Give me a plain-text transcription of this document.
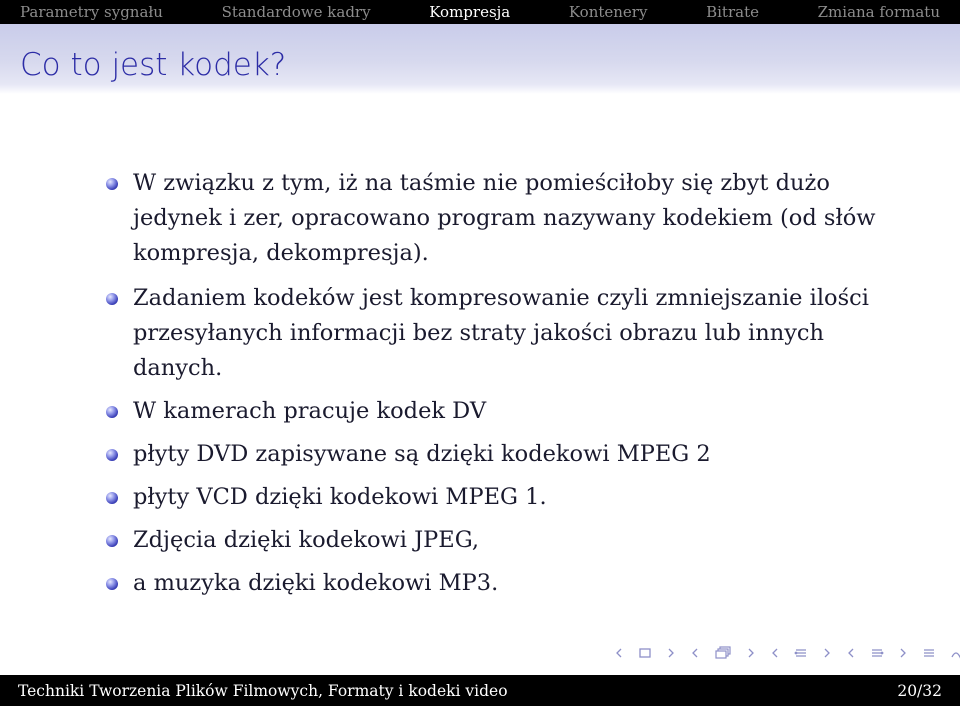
Parametry sygnału	Standardowe kadry	Kompresja	Kontenery	Bitrate	Zmiana formatu
Co to jest kodek?
W związku z tym, iż na taśmie nie pomieściłoby się zbyt dużo jedynek i zer, opracowano program nazywany kodekiem (od słów kompresja, dekompresja).
Zadaniem kodeków jest kompresowanie czyli zmniejszanie ilości przesyłanych informacji bez straty jakości obrazu lub innych danych.
W kamerach pracuje kodek DV
płyty DVD zapisywane są dzięki kodekowi MPEG 2
płyty VCD dzięki kodekowi MPEG 1.
Zdjęcia dzięki kodekowi JPEG,
a muzyka dzięki kodekowi MP3.
Techniki Tworzenia Plików Filmowych, Formaty i kodeki video	20/32
